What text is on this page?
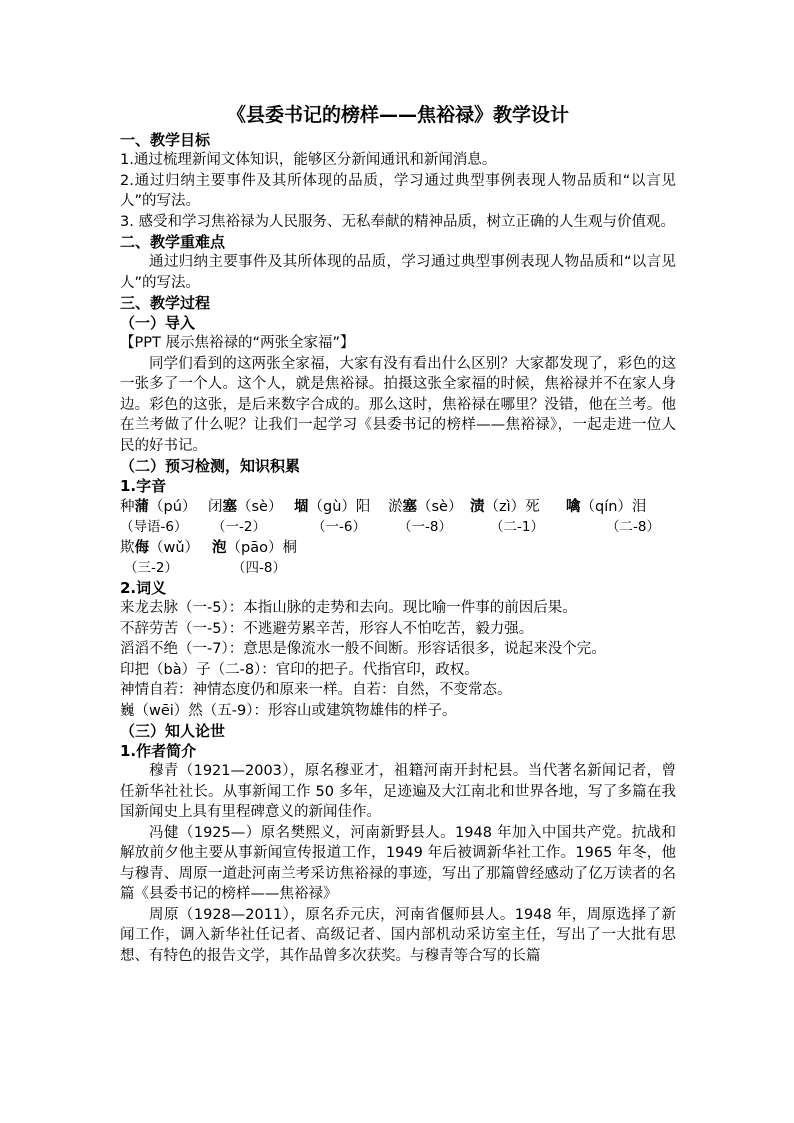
《县委书记的榜样——焦裕禄》教学设计
一、教学目标
1.通过梳理新闻文体知识，能够区分新闻通讯和新闻消息。
2.通过归纳主要事件及其所体现的品质，学习通过典型事例表现人物品质和“以言见人”的写法。
3. 感受和学习焦裕禄为人民服务、无私奉献的精神品质，树立正确的人生观与价值观。
二、教学重难点
通过归纳主要事件及其所体现的品质，学习通过典型事例表现人物品质和“以言见人”的写法。
三、教学过程
（一）导入
【PPT 展示焦裕禄的“两张全家福”】
同学们看到的这两张全家福，大家有没有看出什么区别？大家都发现了，彩色的这一张多了一个人。这个人，就是焦裕禄。拍摄这张全家福的时候，焦裕禄并不在家人身边。彩色的这张，是后来数字合成的。那么这时，焦裕禄在哪里？没错，他在兰考。他在兰考做了什么呢？让我们一起学习《县委书记的榜样——焦裕禄》，一起走进一位人民的好书记。
（二）预习检测，知识积累
1.字音
种蒲（pú） 闭塞（sè） 堌（gù）阳 淤塞（sè） 渍（zì）死 噙（qín）泪
（导语-6） （一-2）	（一-6） （一-8）	（二-1）	（二-8）
欺侮（wǔ） 泡（pāo）桐
（三-2）	（四-8）
2.词义
来龙去脉（一-5）：本指山脉的走势和去向。现比喻一件事的前因后果。
不辞劳苦（一-5）：不逃避劳累辛苦，形容人不怕吃苦，毅力强。
滔滔不绝（一-7）：意思是像流水一般不间断。形容话很多，说起来没个完。
印把（bà）子（二-8）：官印的把子。代指官印，政权。
神情自若：神情态度仍和原来一样。自若：自然，不变常态。
巍（wēi）然（五-9）：形容山或建筑物雄伟的样子。
（三）知人论世
1.作者简介
穆青（1921—2003），原名穆亚才，祖籍河南开封杞县。当代著名新闻记者，曾任新华社社长。从事新闻工作 50 多年，足迹遍及大江南北和世界各地，写了多篇在我国新闻史上具有里程碑意义的新闻佳作。
冯健（1925—）原名樊熙义，河南新野县人。1948 年加入中国共产党。抗战和解放前夕他主要从事新闻宣传报道工作，1949 年后被调新华社工作。1965 年冬，他与穆青、周原一道赴河南兰考采访焦裕禄的事迹，写出了那篇曾经感动了亿万读者的名篇《县委书记的榜样——焦裕禄》
周原（1928—2011），原名乔元庆，河南省偃师县人。1948 年，周原选择了新闻工作，调入新华社任记者、高级记者、国内部机动采访室主任，写出了一大批有思想、有特色的报告文学，其作品曾多次获奖。与穆青等合写的长篇
